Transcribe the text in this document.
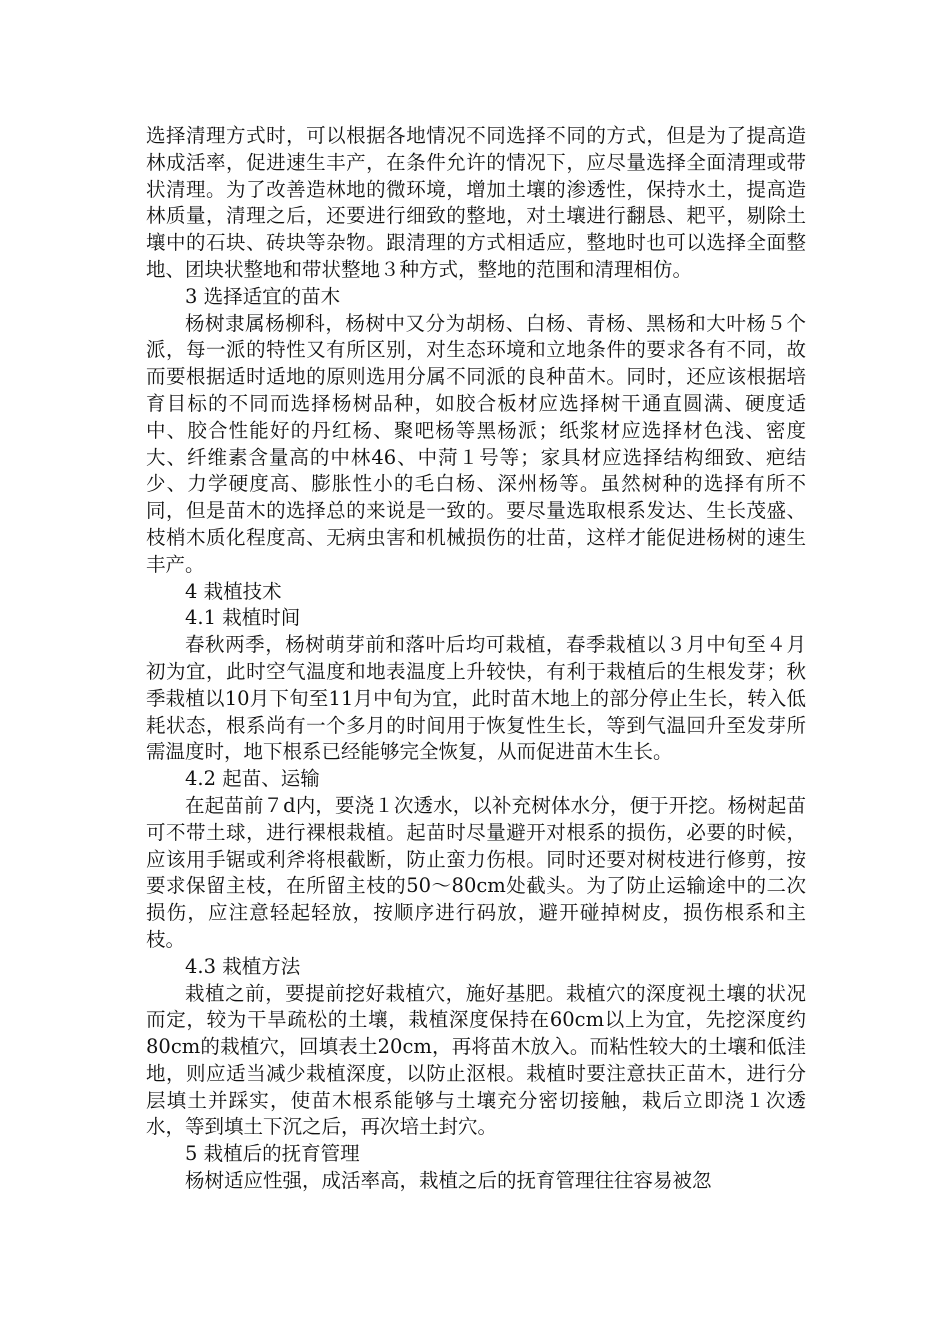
选择清理方式时，可以根据各地情况不同选择不同的方式，但是为了提高造林成活率，促进速生丰产，在条件允许的情况下，应尽量选择全面清理或带状清理。为了改善造林地的微环境，增加土壤的渗透性，保持水土，提高造林质量，清理之后，还要进行细致的整地，对土壤进行翻恳、耙平，剔除土壤中的石块、砖块等杂物。跟清理的方式相适应，整地时也可以选择全面整地、团块状整地和带状整地３种方式，整地的范围和清理相仿。

3 选择适宜的苗木

杨树隶属杨柳科，杨树中又分为胡杨、白杨、青杨、黑杨和大叶杨５个派，每一派的特性又有所区别，对生态环境和立地条件的要求各有不同，故而要根据适时适地的原则选用分属不同派的良种苗木。同时，还应该根据培育目标的不同而选择杨树品种，如胶合板材应选择树干通直圆满、硬度适中、胶合性能好的丹红杨、聚吧杨等黑杨派；纸浆材应选择材色浅、密度大、纤维素含量高的中林46、中菏１号等；家具材应选择结构细致、疤结少、力学硬度高、膨胀性小的毛白杨、深州杨等。虽然树种的选择有所不同，但是苗木的选择总的来说是一致的。要尽量选取根系发达、生长茂盛、枝梢木质化程度高、无病虫害和机械损伤的壮苗，这样才能促进杨树的速生丰产。

4 栽植技术

4.1 栽植时间

春秋两季，杨树萌芽前和落叶后均可栽植，春季栽植以３月中旬至４月初为宜，此时空气温度和地表温度上升较快，有利于栽植后的生根发芽；秋季栽植以10月下旬至11月中旬为宜，此时苗木地上的部分停止生长，转入低耗状态，根系尚有一个多月的时间用于恢复性生长，等到气温回升至发芽所需温度时，地下根系已经能够完全恢复，从而促进苗木生长。

4.2 起苗、运输

在起苗前７d内，要浇１次透水，以补充树体水分，便于开挖。杨树起苗可不带土球，进行裸根栽植。起苗时尽量避开对根系的损伤，必要的时候，应该用手锯或利斧将根截断，防止蛮力伤根。同时还要对树枝进行修剪，按要求保留主枝，在所留主枝的50～80cm处截头。为了防止运输途中的二次损伤，应注意轻起轻放，按顺序进行码放，避开碰掉树皮，损伤根系和主枝。

4.3 栽植方法

栽植之前，要提前挖好栽植穴，施好基肥。栽植穴的深度视土壤的状况而定，较为干旱疏松的土壤，栽植深度保持在60cm以上为宜，先挖深度约80cm的栽植穴，回填表土20cm，再将苗木放入。而粘性较大的土壤和低洼地，则应适当减少栽植深度，以防止沤根。栽植时要注意扶正苗木，进行分层填土并踩实，使苗木根系能够与土壤充分密切接触，栽后立即浇１次透水，等到填土下沉之后，再次培土封穴。

5 栽植后的抚育管理

杨树适应性强，成活率高，栽植之后的抚育管理往往容易被忽
